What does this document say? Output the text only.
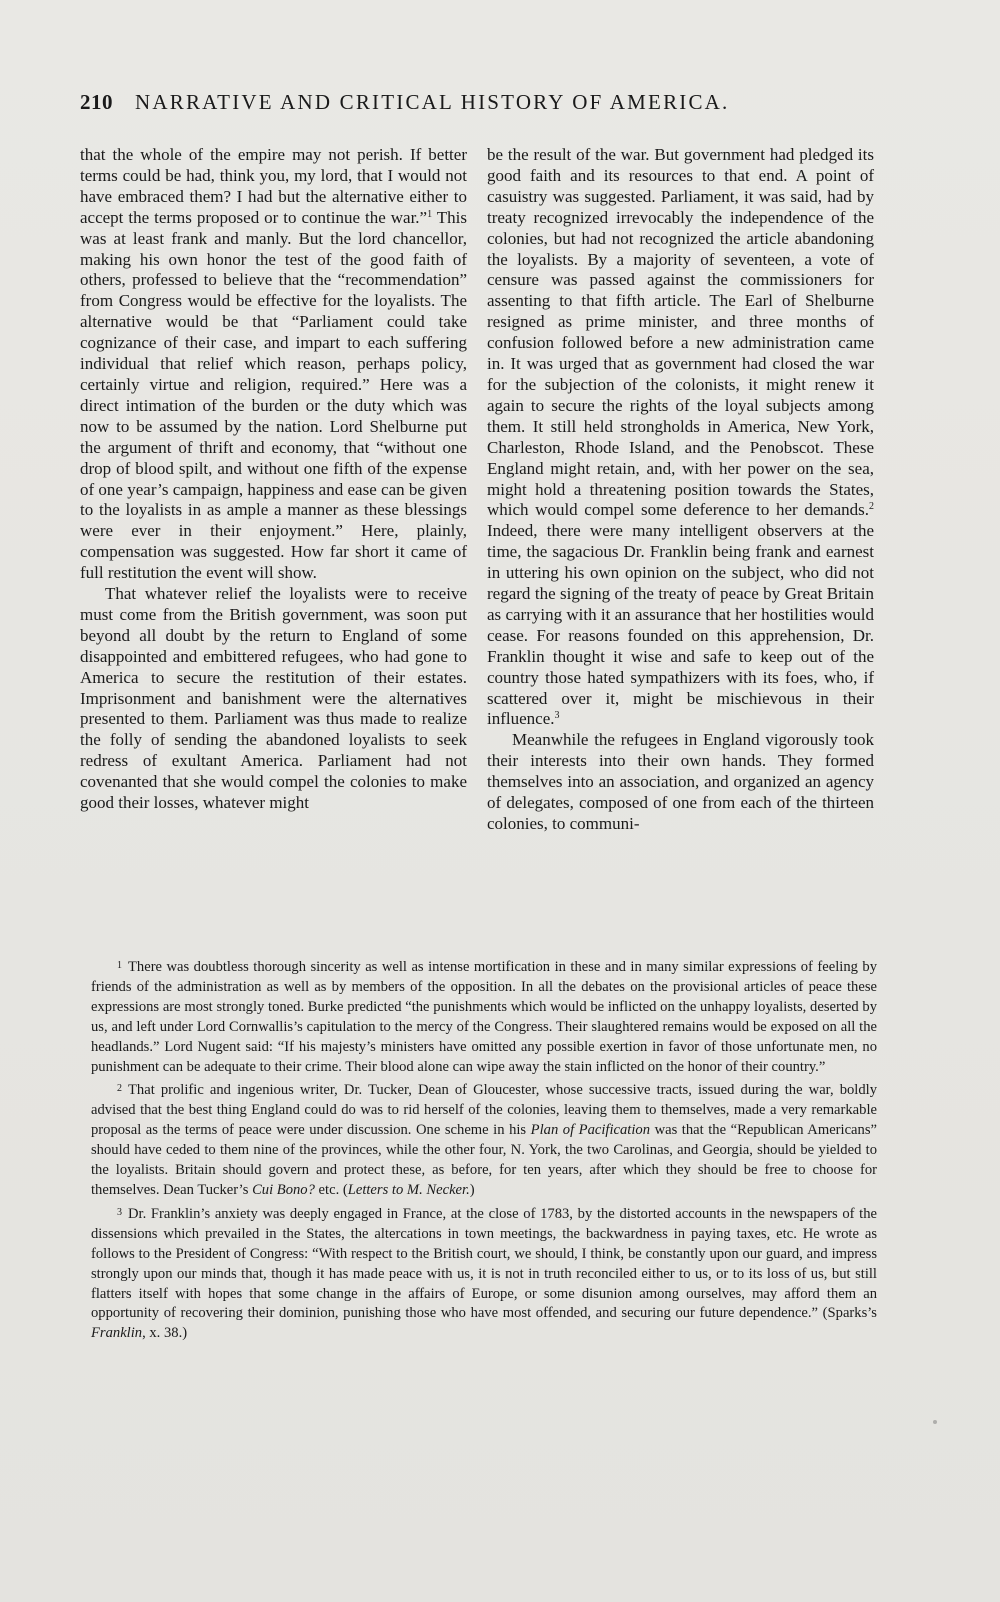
210 NARRATIVE AND CRITICAL HISTORY OF AMERICA.

that the whole of the empire may not perish. If better terms could be had, think you, my lord, that I would not have embraced them? I had but the alternative either to accept the terms proposed or to continue the war.”$^1$ This was at least frank and manly. But the lord chancellor, making his own honor the test of the good faith of others, professed to believe that the “recommendation” from Congress would be effective for the loyalists. The alternative would be that “Parliament could take cognizance of their case, and impart to each suffering individual that relief which reason, perhaps policy, certainly virtue and religion, required.” Here was a direct intimation of the burden or the duty which was now to be assumed by the nation. Lord Shelburne put the argument of thrift and economy, that “without one drop of blood spilt, and without one fifth of the expense of one year’s campaign, happiness and ease can be given to the loyalists in as ample a manner as these blessings were ever in their enjoyment.” Here, plainly, compensation was suggested. How far short it came of full restitution the event will show.

That whatever relief the loyalists were to receive must come from the British government, was soon put beyond all doubt by the return to England of some disappointed and embittered refugees, who had gone to America to secure the restitution of their estates. Imprisonment and banishment were the alternatives presented to them. Parliament was thus made to realize the folly of sending the abandoned loyalists to seek redress of exultant America. Parliament had not covenanted that she would compel the colonies to make good their losses, whatever might

be the result of the war. But government had pledged its good faith and its resources to that end. A point of casuistry was suggested. Parliament, it was said, had by treaty recognized irrevocably the independence of the colonies, but had not recognized the article abandoning the loyalists. By a majority of seventeen, a vote of censure was passed against the commissioners for assenting to that fifth article. The Earl of Shelburne resigned as prime minister, and three months of confusion followed before a new administration came in. It was urged that as government had closed the war for the subjection of the colonists, it might renew it again to secure the rights of the loyal subjects among them. It still held strongholds in America, New York, Charleston, Rhode Island, and the Penobscot. These England might retain, and, with her power on the sea, might hold a threatening position towards the States, which would compel some deference to her demands.$^2$ Indeed, there were many intelligent observers at the time, the sagacious Dr. Franklin being frank and earnest in uttering his own opinion on the subject, who did not regard the signing of the treaty of peace by Great Britain as carrying with it an assurance that her hostilities would cease. For reasons founded on this apprehension, Dr. Franklin thought it wise and safe to keep out of the country those hated sympathizers with its foes, who, if scattered over it, might be mischievous in their influence.$^3$

Meanwhile the refugees in England vigorously took their interests into their own hands. They formed themselves into an association, and organized an agency of delegates, composed of one from each of the thirteen colonies, to communi-

$^1$ There was doubtless thorough sincerity as well as intense mortification in these and in many similar expressions of feeling by friends of the administration as well as by members of the opposition. In all the debates on the provisional articles of peace these expressions are most strongly toned. Burke predicted “the punishments which would be inflicted on the unhappy loyalists, deserted by us, and left under Lord Cornwallis’s capitulation to the mercy of the Congress. Their slaughtered remains would be exposed on all the headlands.” Lord Nugent said: “If his majesty’s ministers have omitted any possible exertion in favor of those unfortunate men, no punishment can be adequate to their crime. Their blood alone can wipe away the stain inflicted on the honor of their country.”

$^2$ That prolific and ingenious writer, Dr. Tucker, Dean of Gloucester, whose successive tracts, issued during the war, boldly advised that the best thing England could do was to rid herself of the colonies, leaving them to themselves, made a very remarkable proposal as the terms of peace were under discussion. One scheme in his Plan of Pacification was that the “Republican Americans” should have ceded to them nine of the provinces, while the other four, N. York, the two Carolinas, and Georgia, should be yielded to the loyalists. Britain should govern and protect these, as before, for ten years, after which they should be free to choose for themselves. Dean Tucker’s Cui Bono? etc. (Letters to M. Necker.)

$^3$ Dr. Franklin’s anxiety was deeply engaged in France, at the close of 1783, by the distorted accounts in the newspapers of the dissensions which prevailed in the States, the altercations in town meetings, the backwardness in paying taxes, etc. He wrote as follows to the President of Congress: “With respect to the British court, we should, I think, be constantly upon our guard, and impress strongly upon our minds that, though it has made peace with us, it is not in truth reconciled either to us, or to its loss of us, but still flatters itself with hopes that some change in the affairs of Europe, or some disunion among ourselves, may afford them an opportunity of recovering their dominion, punishing those who have most offended, and securing our future dependence.” (Sparks’s Franklin, x. 38.)
